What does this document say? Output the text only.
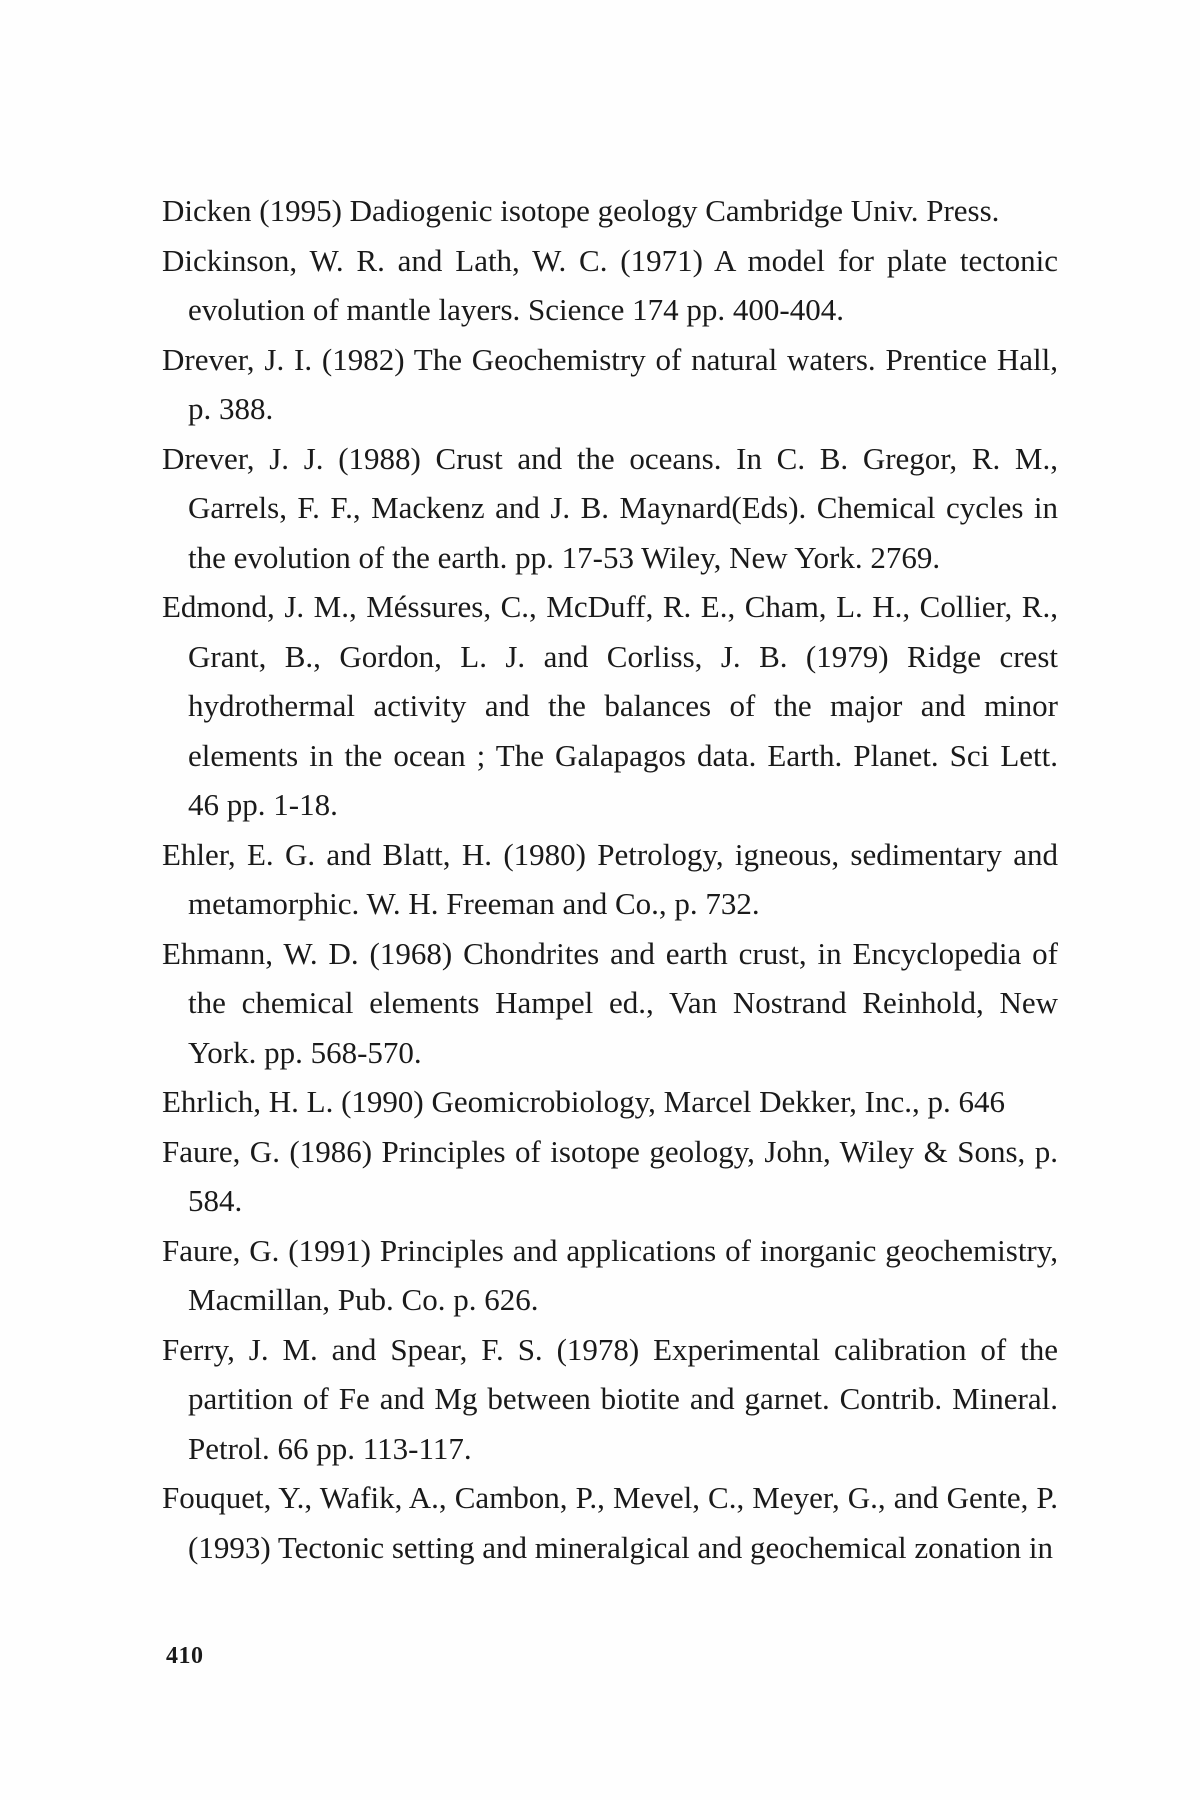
Dicken (1995) Dadiogenic isotope geology Cambridge Univ. Press.
Dickinson, W. R. and Lath, W. C. (1971) A model for plate tectonic evolution of mantle layers. Science 174 pp. 400-404.
Drever, J. I. (1982) The Geochemistry of natural waters. Prentice Hall, p. 388.
Drever, J. J. (1988) Crust and the oceans. In C. B. Gregor, R. M., Garrels, F. F., Mackenz and J. B. Maynard(Eds). Chemical cycles in the evolution of the earth. pp. 17-53 Wiley, New York. 2769.
Edmond, J. M., Méssures, C., McDuff, R. E., Cham, L. H., Collier, R., Grant, B., Gordon, L. J. and Corliss, J. B. (1979) Ridge crest hydrothermal activity and the balances of the major and minor elements in the ocean ; The Galapagos data. Earth. Planet. Sci Lett. 46 pp. 1-18.
Ehler, E. G. and Blatt, H. (1980) Petrology, igneous, sedimentary and metamorphic. W. H. Freeman and Co., p. 732.
Ehmann, W. D. (1968) Chondrites and earth crust, in Encyclopedia of the chemical elements Hampel ed., Van Nostrand Reinhold, New York. pp. 568-570.
Ehrlich, H. L. (1990) Geomicrobiology, Marcel Dekker, Inc., p. 646
Faure, G. (1986) Principles of isotope geology, John, Wiley & Sons, p. 584.
Faure, G. (1991) Principles and applications of inorganic geochemistry, Macmillan, Pub. Co. p. 626.
Ferry, J. M. and Spear, F. S. (1978) Experimental calibration of the partition of Fe and Mg between biotite and garnet. Contrib. Mineral. Petrol. 66 pp. 113-117.
Fouquet, Y., Wafik, A., Cambon, P., Mevel, C., Meyer, G., and Gente, P. (1993) Tectonic setting and mineralgical and geochemical zonation in
410
